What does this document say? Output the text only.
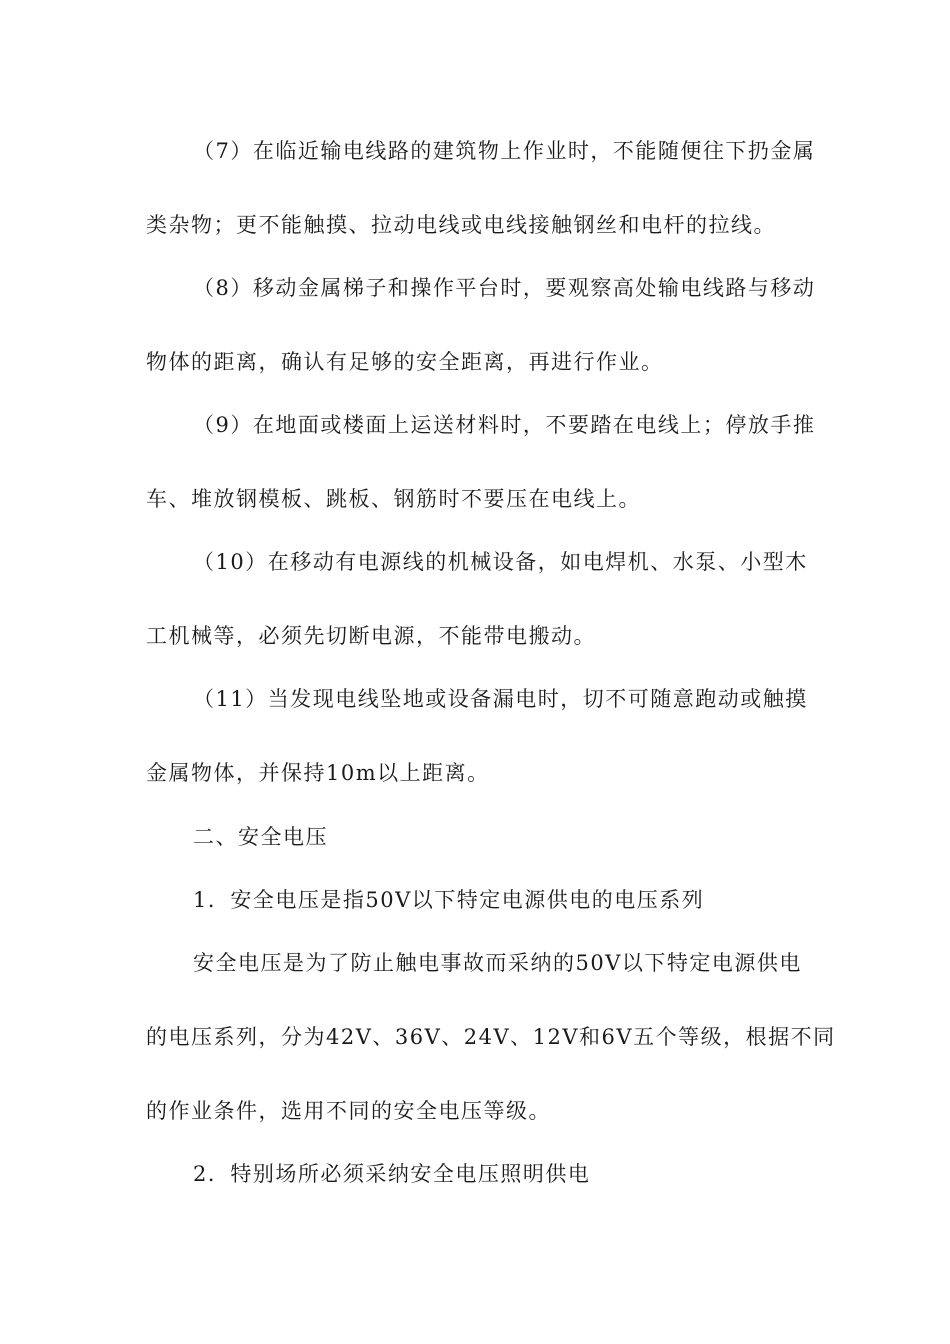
（7）在临近输电线路的建筑物上作业时，不能随便往下扔金属
类杂物；更不能触摸、拉动电线或电线接触钢丝和电杆的拉线。
（8）移动金属梯子和操作平台时，要观察高处输电线路与移动
物体的距离，确认有足够的安全距离，再进行作业。
（9）在地面或楼面上运送材料时，不要踏在电线上；停放手推
车、堆放钢模板、跳板、钢筋时不要压在电线上。
（10）在移动有电源线的机械设备，如电焊机、水泵、小型木
工机械等，必须先切断电源，不能带电搬动。
（11）当发现电线坠地或设备漏电时，切不可随意跑动或触摸
金属物体，并保持10m以上距离。
二、安全电压
1．安全电压是指50V以下特定电源供电的电压系列
安全电压是为了防止触电事故而采纳的50V以下特定电源供电
的电压系列，分为42V、36V、24V、12V和6V五个等级，根据不同
的作业条件，选用不同的安全电压等级。
2．特别场所必须采纳安全电压照明供电
